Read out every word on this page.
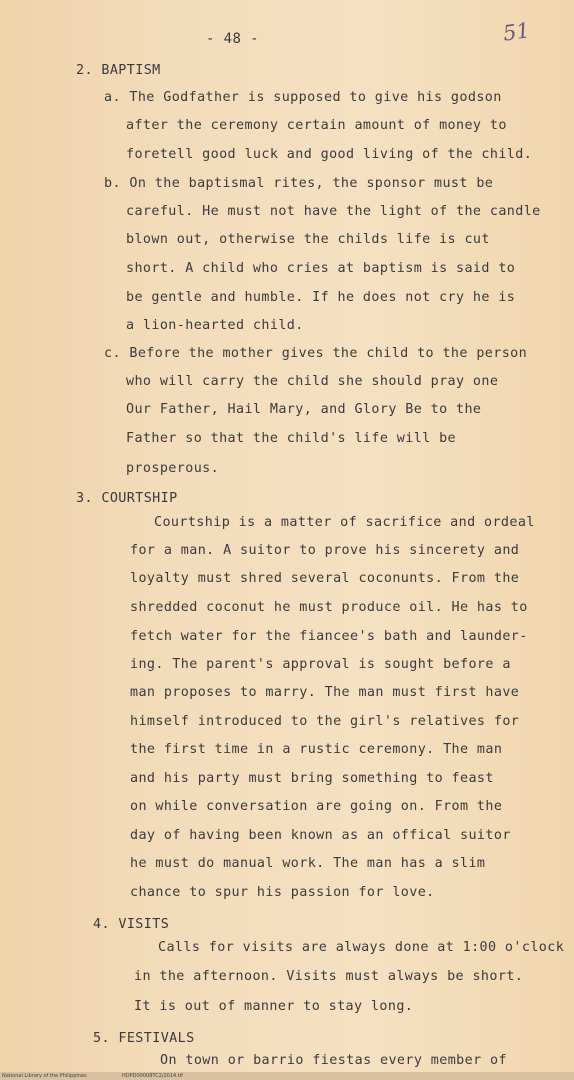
- 48 -	51
2. BAPTISM
a. The Godfather is supposed to give his godson
after the ceremony certain amount of money to
foretell good luck and good living of the child.
b. On the baptismal rites, the sponsor must be
careful. He must not have the light of the candle
blown out, otherwise the childs life is cut
short. A child who cries at baptism is said to
be gentle and humble. If he does not cry he is
a lion-hearted child.
c. Before the mother gives the child to the person
who will carry the child she should pray one
Our Father, Hail Mary, and Glory Be to the
Father so that the child's life will be
prosperous.
3. COURTSHIP
Courtship is a matter of sacrifice and ordeal
for a man. A suitor to prove his sincerety and
loyalty must shred several coconunts. From the
shredded coconut he must produce oil. He has to
fetch water for the fiancee's bath and launder-
ing. The parent's approval is sought before a
man proposes to marry. The man must first have
himself introduced to the girl's relatives for
the first time in a rustic ceremony. The man
and his party must bring something to feast
on while conversation are going on. From the
day of having been known as an offical suitor
he must do manual work. The man has a slim
chance to spur his passion for love.
4. VISITS
Calls for visits are always done at 1:00 o'clock
in the afternoon. Visits must always be short.
It is out of manner to stay long.
5. FESTIVALS
On town or barrio fiestas every member of
National Library of the Philippines	HDPD00008TC2/2014.tif
